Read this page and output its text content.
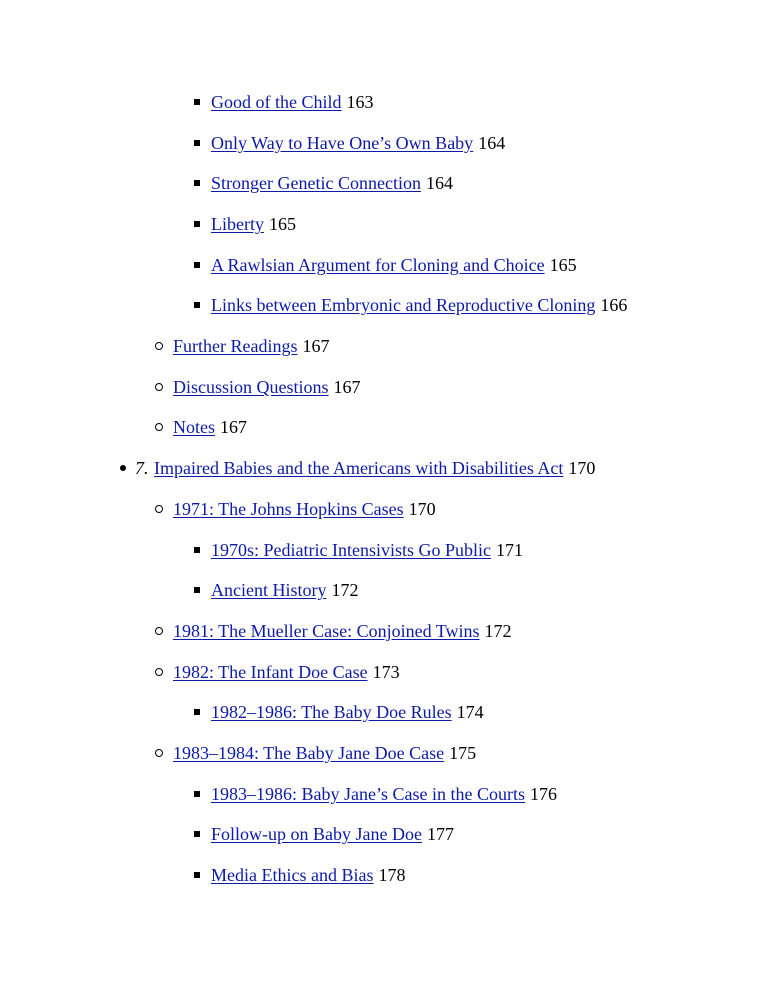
Good of the Child 163
Only Way to Have One’s Own Baby 164
Stronger Genetic Connection 164
Liberty 165
A Rawlsian Argument for Cloning and Choice 165
Links between Embryonic and Reproductive Cloning 166
Further Readings 167
Discussion Questions 167
Notes 167
7. Impaired Babies and the Americans with Disabilities Act 170
1971: The Johns Hopkins Cases 170
1970s: Pediatric Intensivists Go Public 171
Ancient History 172
1981: The Mueller Case: Conjoined Twins 172
1982: The Infant Doe Case 173
1982–1986: The Baby Doe Rules 174
1983–1984: The Baby Jane Doe Case 175
1983–1986: Baby Jane’s Case in the Courts 176
Follow-up on Baby Jane Doe 177
Media Ethics and Bias 178
